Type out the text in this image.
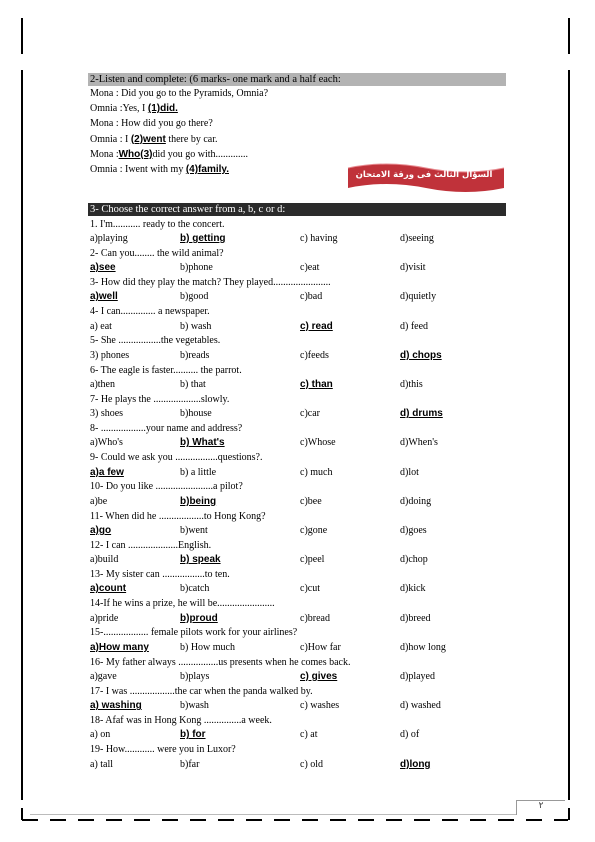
٢
2-Listen and complete: (6 marks- one mark and a half each:
Mona : Did you go to the Pyramids, Omnia?
Omnia :Yes, I (1)did.
Mona : How did you go there?
Omnia : I (2)went there by car.
Mona :Who(3)did you go with.............
Omnia : Iwent with my (4)family.	السؤال الثالث فى ورقة الامتحان
3- Choose the correct answer from a, b, c or d:
1. I'm........... ready to the concert.
a)playing	b) getting	c) having	d)seeing
2- Can you........ the wild animal?
a)see	b)phone	c)eat	d)visit
3- How did they play the match? They played.......................
a)well	b)good	c)bad	d)quietly
4- I can.............. a newspaper.
a) eat	b) wash	c) read	d) feed
5- She .................the vegetables.
3) phones	b)reads	c)feeds	d) chops
6- The eagle is faster.......... the parrot.
a)then	b) that	c) than	d)this
7- He plays the ...................slowly.
3) shoes	b)house	c)car	d) drums
8- ..................your name and address?
a)Who's	b) What's	c)Whose	d)When's
9- Could we ask you .................questions?.
a)a few	b) a little	c) much	d)lot
10- Do you like .......................a pilot?
a)be	b)being	c)bee	d)doing
11- When did he ..................to Hong Kong?
a)go	b)went	c)gone	d)goes
12- I can ....................English.
a)build	b) speak	c)peel	d)chop
13- My sister can .................to ten.
a)count	b)catch	c)cut	d)kick
14-If he wins a prize, he will be.......................
a)pride	b)proud	c)bread	d)breed
15-.................. female pilots work for your airlines?
a)How many	b) How much	c)How far	d)how long
16- My father always ................us presents when he comes back.
a)gave	b)plays	c) gives	d)played
17- I was ..................the car when the panda walked by.
a) washing	b)wash	c) washes	d) washed
18- Afaf was in Hong Kong ...............a week.
a) on	b) for	c) at	d) of
19- How............ were you in Luxor?
a) tall	b)far	c) old	d)long
